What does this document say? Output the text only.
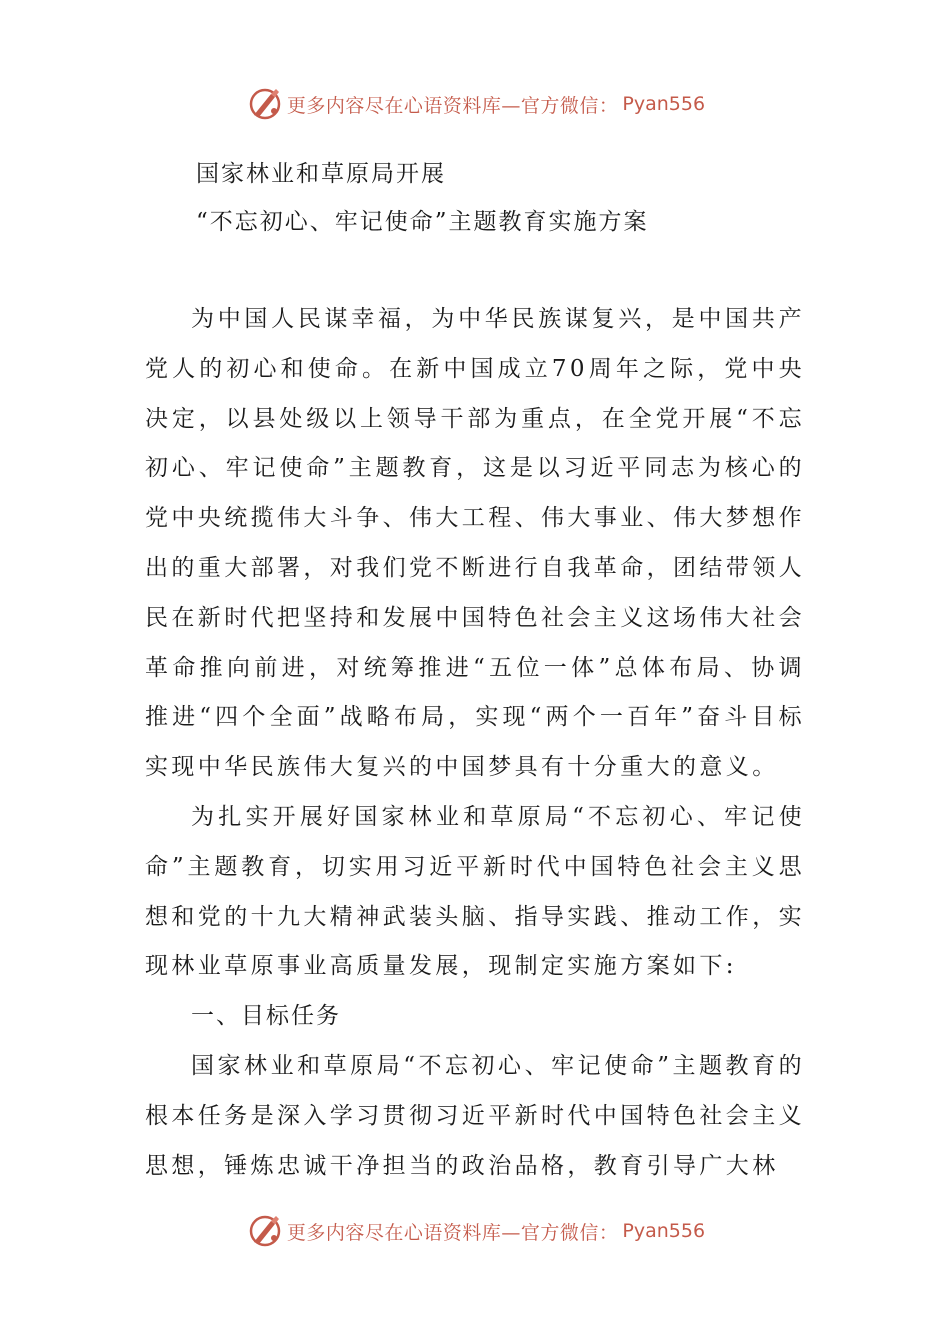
更多内容尽在心语资料库—官方微信： Pyan556
国家林业和草原局开展
“不忘初心、牢记使命”主题教育实施方案

为中国人民谋幸福，为中华民族谋复兴，是中国共产党人的初心和使命。在新中国成立70周年之际，党中央决定，以县处级以上领导干部为重点，在全党开展“不忘初心、牢记使命”主题教育，这是以习近平同志为核心的党中央统揽伟大斗争、伟大工程、伟大事业、伟大梦想作出的重大部署，对我们党不断进行自我革命，团结带领人民在新时代把坚持和发展中国特色社会主义这场伟大社会革命推向前进，对统筹推进“五位一体”总体布局、协调推进“四个全面”战略布局，实现“两个一百年”奋斗目标实现中华民族伟大复兴的中国梦具有十分重大的意义。

为扎实开展好国家林业和草原局“不忘初心、牢记使命”主题教育，切实用习近平新时代中国特色社会主义思想和党的十九大精神武装头脑、指导实践、推动工作，实现林业草原事业高质量发展，现制定实施方案如下:

一、目标任务

国家林业和草原局“不忘初心、牢记使命”主题教育的根本任务是深入学习贯彻习近平新时代中国特色社会主义思想，锤炼忠诚干净担当的政治品格，教育引导广大林

更多内容尽在心语资料库—官方微信： Pyan556
